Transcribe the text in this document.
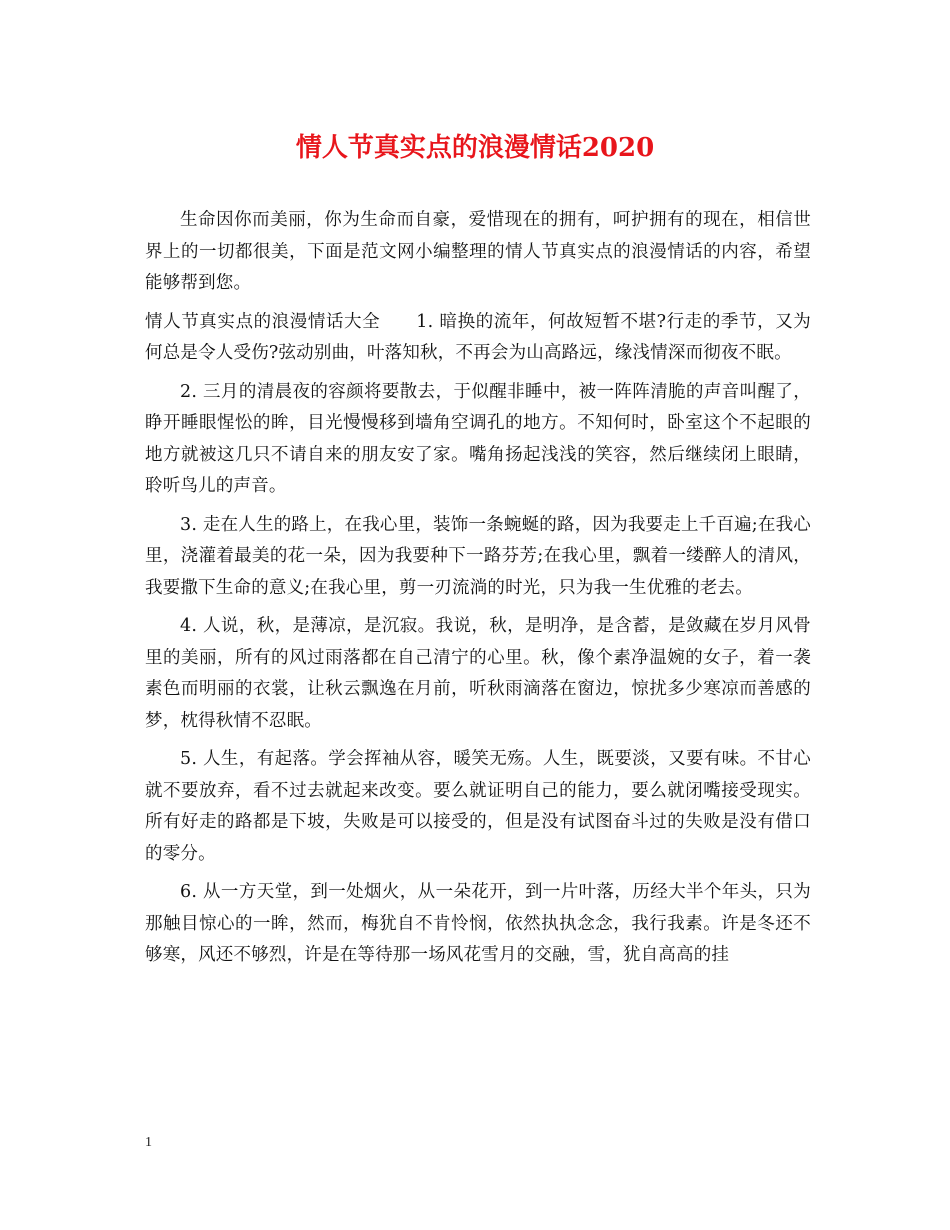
情人节真实点的浪漫情话2020

生命因你而美丽，你为生命而自豪，爱惜现在的拥有，呵护拥有的现在，相信世界上的一切都很美，下面是范文网小编整理的情人节真实点的浪漫情话的内容，希望能够帮到您。

情人节真实点的浪漫情话大全 1. 暗换的流年，何故短暂不堪?行走的季节，又为何总是令人受伤?弦动别曲，叶落知秋，不再会为山高路远，缘浅情深而彻夜不眠。

2. 三月的清晨夜的容颜将要散去，于似醒非睡中，被一阵阵清脆的声音叫醒了，睁开睡眼惺忪的眸，目光慢慢移到墙角空调孔的地方。不知何时，卧室这个不起眼的地方就被这几只不请自来的朋友安了家。嘴角扬起浅浅的笑容，然后继续闭上眼睛，聆听鸟儿的声音。

3. 走在人生的路上，在我心里，装饰一条蜿蜒的路，因为我要走上千百遍;在我心里，浇灌着最美的花一朵，因为我要种下一路芬芳;在我心里，飘着一缕醉人的清风，我要撒下生命的意义;在我心里，剪一刃流淌的时光，只为我一生优雅的老去。

4. 人说，秋，是薄凉，是沉寂。我说，秋，是明净，是含蓄，是敛藏在岁月风骨里的美丽，所有的风过雨落都在自己清宁的心里。秋，像个素净温婉的女子，着一袭素色而明丽的衣裳，让秋云飘逸在月前，听秋雨滴落在窗边，惊扰多少寒凉而善感的梦，枕得秋情不忍眠。

5. 人生，有起落。学会挥袖从容，暖笑无殇。人生，既要淡，又要有味。不甘心就不要放弃，看不过去就起来改变。要么就证明自己的能力，要么就闭嘴接受现实。所有好走的路都是下坡，失败是可以接受的，但是没有试图奋斗过的失败是没有借口的零分。

6. 从一方天堂，到一处烟火，从一朵花开，到一片叶落，历经大半个年头，只为那触目惊心的一眸，然而，梅犹自不肯怜悯，依然执执念念，我行我素。许是冬还不够寒，风还不够烈，许是在等待那一场风花雪月的交融，雪，犹自高高的挂

1
